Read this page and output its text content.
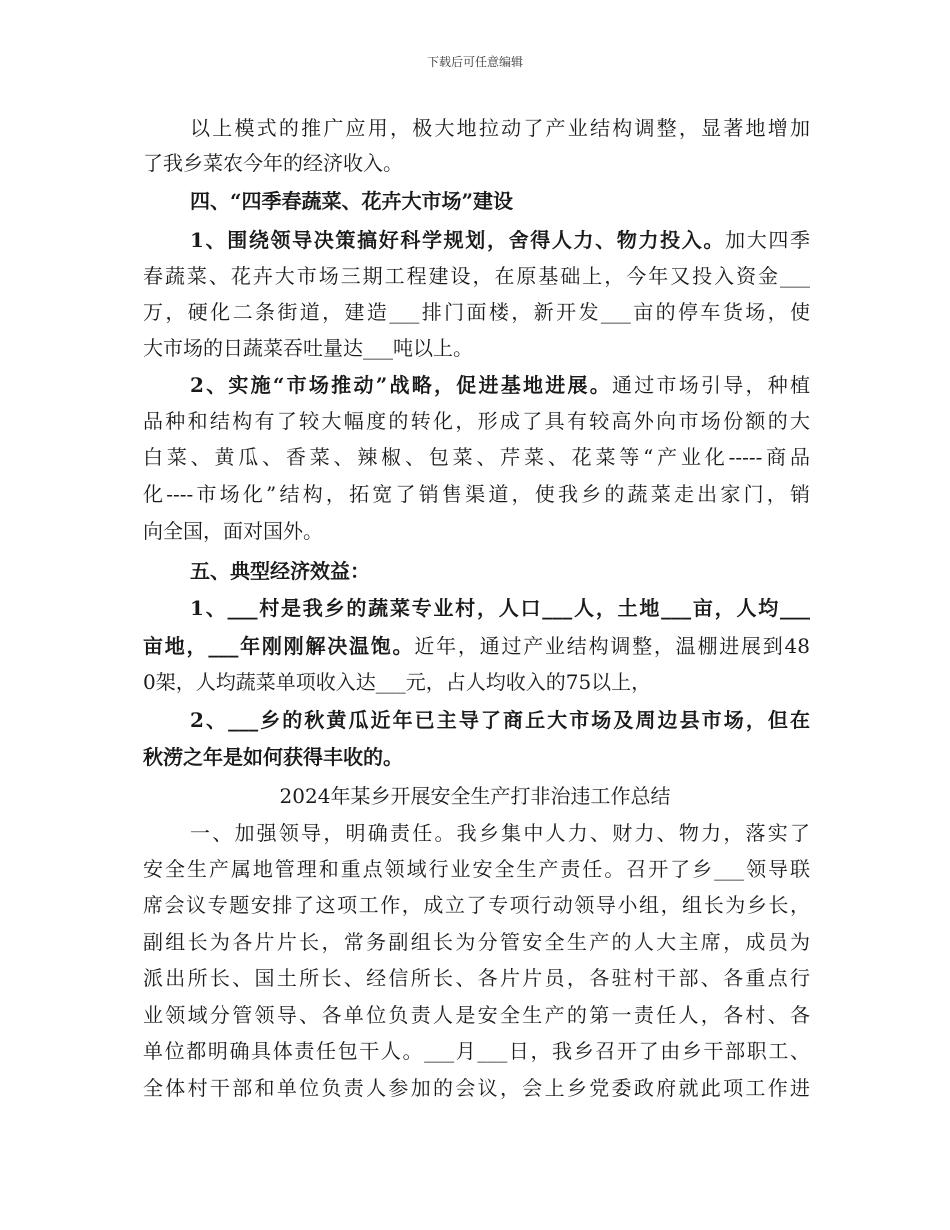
下载后可任意编辑
以上模式的推广应用，极大地拉动了产业结构调整，显著地增加
了我乡菜农今年的经济收入。
四、“四季春蔬菜、花卉大市场”建设
1、围绕领导决策搞好科学规划，舍得人力、物力投入。加大四季
春蔬菜、花卉大市场三期工程建设，在原基础上，今年又投入资金___
万，硬化二条街道，建造___排门面楼，新开发___亩的停车货场，使
大市场的日蔬菜吞吐量达___吨以上。
2、实施“市场推动”战略，促进基地进展。通过市场引导，种植
品种和结构有了较大幅度的转化，形成了具有较高外向市场份额的大
白菜、黄瓜、香菜、辣椒、包菜、芹菜、花菜等“产业化-----商品
化----市场化”结构，拓宽了销售渠道，使我乡的蔬菜走出家门，销
向全国，面对国外。
五、典型经济效益：
1、___村是我乡的蔬菜专业村，人口___人，土地___亩，人均___
亩地，___年刚刚解决温饱。近年，通过产业结构调整，温棚进展到48
0架，人均蔬菜单项收入达___元，占人均收入的75以上，
2、___乡的秋黄瓜近年已主导了商丘大市场及周边县市场，但在
秋涝之年是如何获得丰收的。
2024年某乡开展安全生产打非治违工作总结
一、加强领导，明确责任。我乡集中人力、财力、物力，落实了
安全生产属地管理和重点领域行业安全生产责任。召开了乡___领导联
席会议专题安排了这项工作，成立了专项行动领导小组，组长为乡长，
副组长为各片片长，常务副组长为分管安全生产的人大主席，成员为
派出所长、国土所长、经信所长、各片片员，各驻村干部、各重点行
业领域分管领导、各单位负责人是安全生产的第一责任人，各村、各
单位都明确具体责任包干人。___月___日，我乡召开了由乡干部职工、
全体村干部和单位负责人参加的会议，会上乡党委政府就此项工作进
